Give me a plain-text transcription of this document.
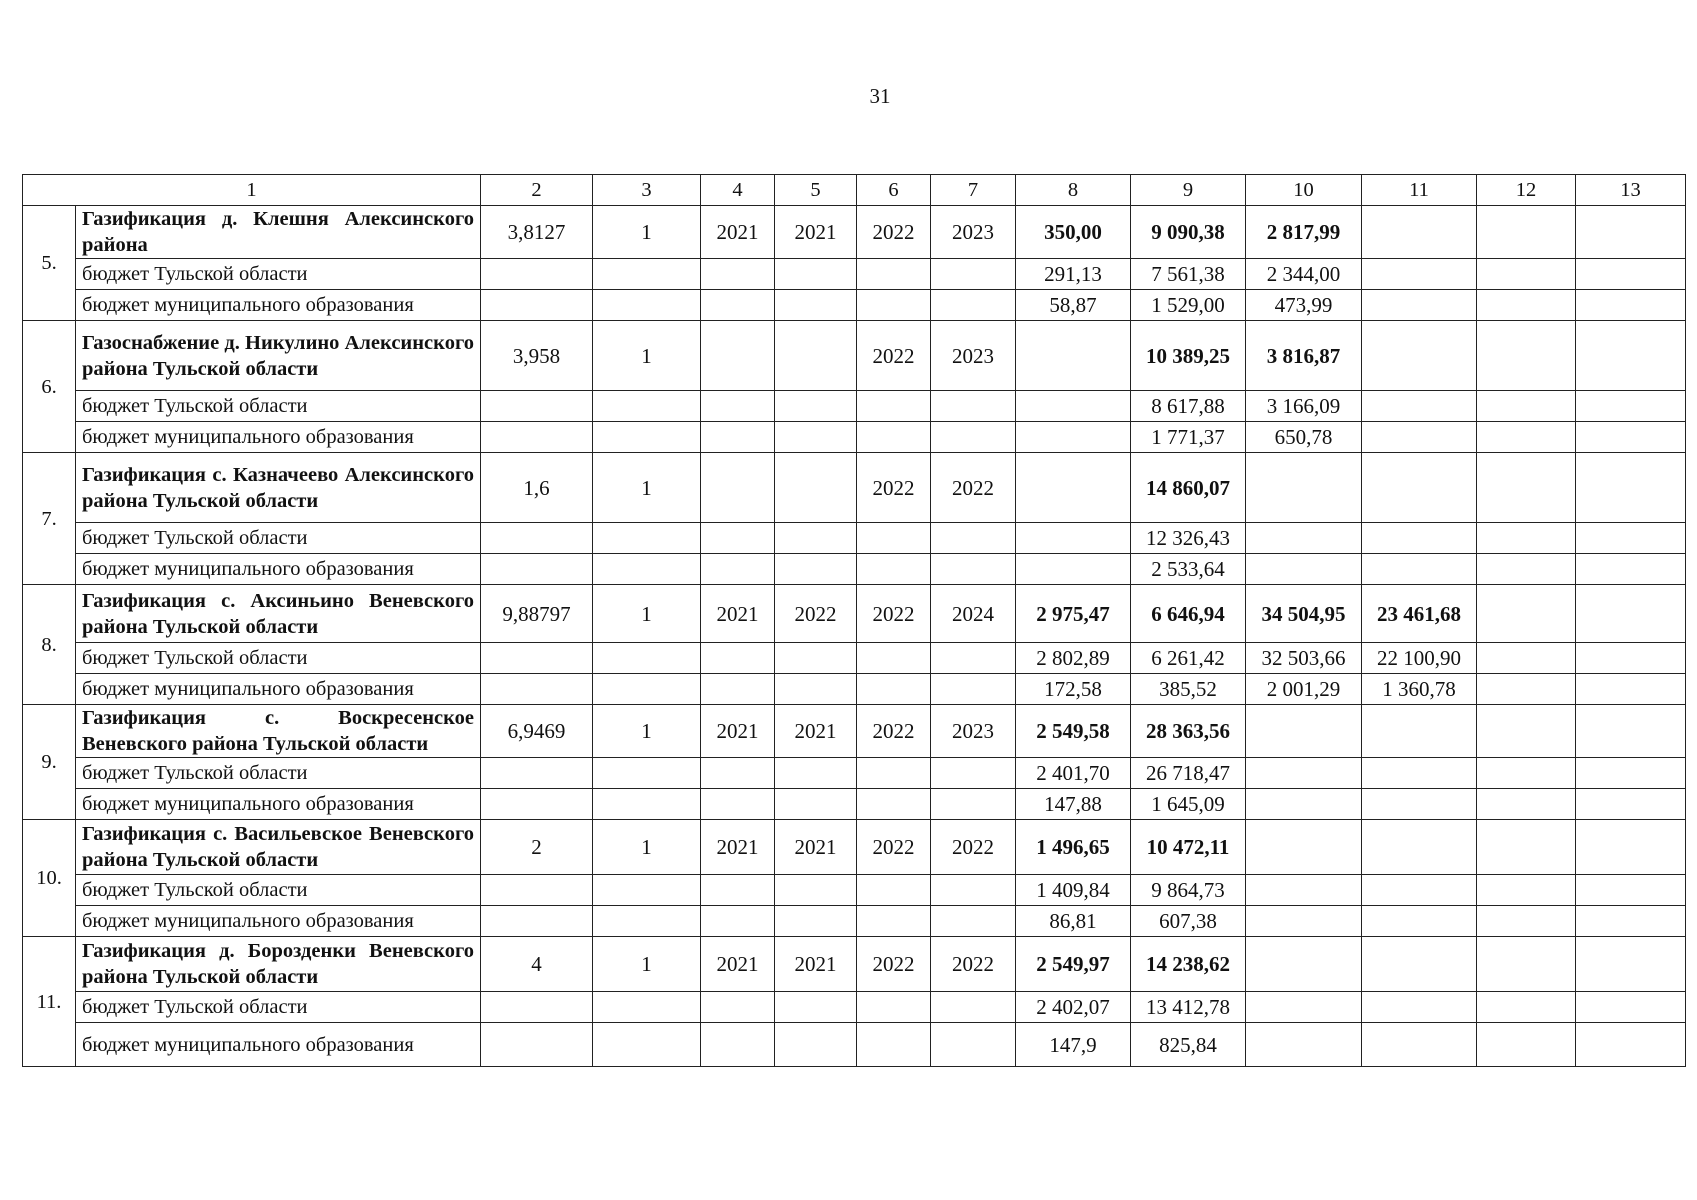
31
1		2	3	4	5	6	7	8	9	10	11	12	13
5.	Газификация д. Клешня Алексинского района	3,8127	1	2021	2021	2022	2023	350,00	9 090,38	2 817,99			
	бюджет Тульской области							291,13	7 561,38	2 344,00			
	бюджет муниципального образования							58,87	1 529,00	473,99			
6.	Газоснабжение д. Никулино Алексинского района Тульской области	3,958	1			2022	2023		10 389,25	3 816,87			
	бюджет Тульской области								8 617,88	3 166,09			
	бюджет муниципального образования								1 771,37	650,78			
7.	Газификация с. Казначеево Алексинского района Тульской области	1,6	1			2022	2022		14 860,07				
	бюджет Тульской области								12 326,43				
	бюджет муниципального образования								2 533,64				
8.	Газификация с. Аксиньино Веневского района Тульской области	9,88797	1	2021	2022	2022	2024	2 975,47	6 646,94	34 504,95	23 461,68		
	бюджет Тульской области							2 802,89	6 261,42	32 503,66	22 100,90		
	бюджет муниципального образования							172,58	385,52	2 001,29	1 360,78		
9.	Газификация с. Воскресенское Веневского района Тульской области	6,9469	1	2021	2021	2022	2023	2 549,58	28 363,56				
	бюджет Тульской области							2 401,70	26 718,47				
	бюджет муниципального образования							147,88	1 645,09				
10.	Газификация с. Васильевское Веневского района Тульской области	2	1	2021	2021	2022	2022	1 496,65	10 472,11				
	бюджет Тульской области							1 409,84	9 864,73				
	бюджет муниципального образования							86,81	607,38				
11.	Газификация д. Борозденки Веневского района Тульской области	4	1	2021	2021	2022	2022	2 549,97	14 238,62				
	бюджет Тульской области							2 402,07	13 412,78				
	бюджет муниципального образования							147,9	825,84				
